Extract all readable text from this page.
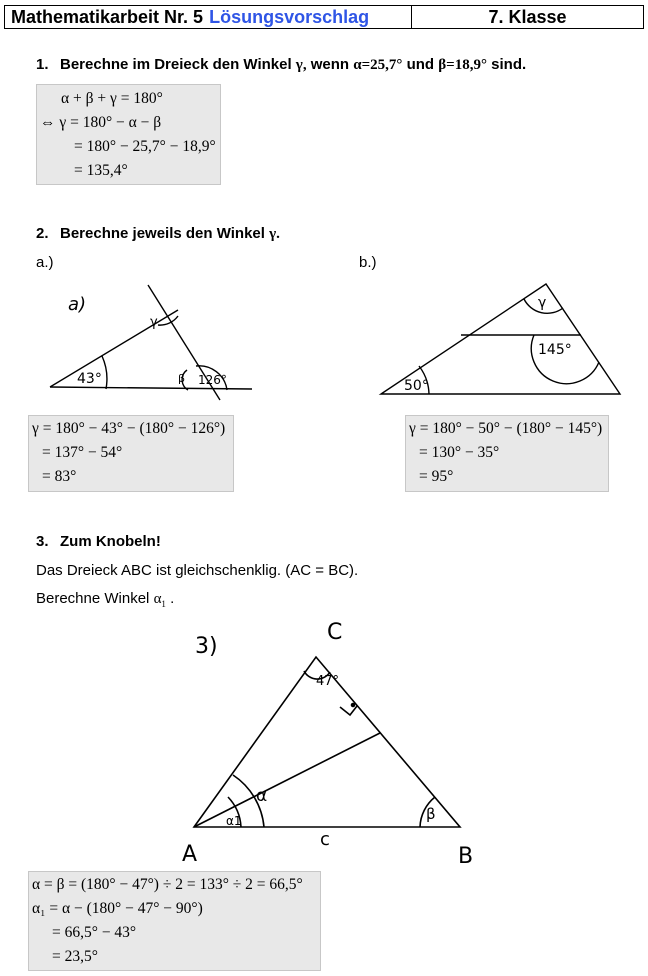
Mathematikarbeit Nr. 5 Lösungsvorschlag	7. Klasse
1. Berechne im Dreieck den Winkel γ, wenn α=25,7° und β=18,9° sind.
α + β + γ = 180°
⇔ γ = 180° − α − β
= 180° − 25,7° − 18,9°
= 135,4°
2. Berechne jeweils den Winkel γ.
a.)	b.)
a)
43°	β 126°
γ
50°
145°
γ
γ = 180° − 43° − (180° − 126°)
= 137° − 54°
= 83°
γ = 180° − 50° − (180° − 145°)
= 130° − 35°
= 95°
3. Zum Knobeln!
Das Dreieck ABC ist gleichschenklig. (AC = BC).
Berechne Winkel $\alpha_1$ .
3)
C
A	B
c
47°
α
α1	β
α = β = (180° − 47°) ÷ 2 = 133° ÷ 2 = 66,5°
α₁ = α − (180° − 47° − 90°)
= 66,5° − 43°
= 23,5°
